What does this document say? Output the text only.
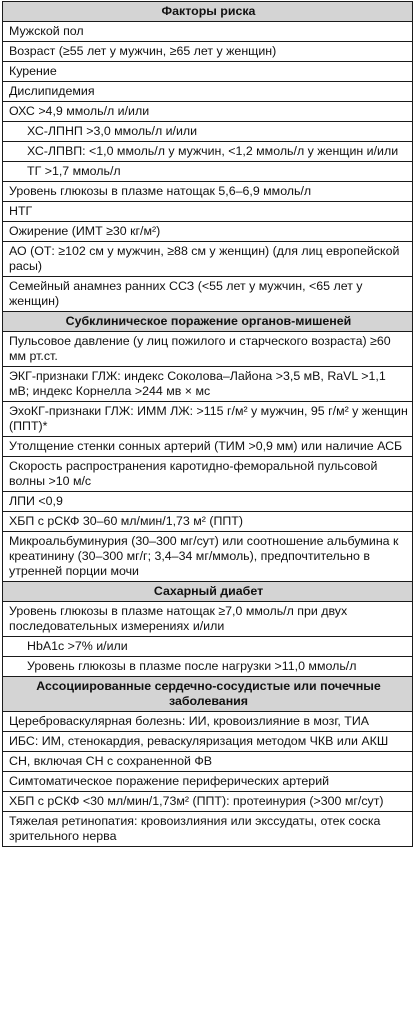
Факторы риска
Мужской пол
Возраст (≥55 лет у мужчин, ≥65 лет у женщин)
Курение
Дислипидемия
ОХС >4,9 ммоль/л и/или
ХС-ЛПНП >3,0 ммоль/л и/или
ХС-ЛПВП: <1,0 ммоль/л у мужчин, <1,2 ммоль/л у женщин и/или
ТГ >1,7 ммоль/л
Уровень глюкозы в плазме натощак 5,6–6,9 ммоль/л
НТГ
Ожирение (ИМТ ≥30 кг/м²)
АО (ОТ: ≥102 см у мужчин, ≥88 см у женщин) (для лиц европейской расы)
Семейный анамнез ранних ССЗ (<55 лет у мужчин, <65 лет у женщин)
Субклиническое поражение органов-мишеней
Пульсовое давление (у лиц пожилого и старческого возраста) ≥60 мм рт.ст.
ЭКГ-признаки ГЛЖ: индекс Соколова–Лайона >3,5 мВ, RaVL >1,1 мВ; индекс Корнелла >244 мв × мс
ЭхоКГ-признаки ГЛЖ: ИММ ЛЖ: >115 г/м² у мужчин, 95 г/м² у женщин (ППТ)*
Утолщение стенки сонных артерий (ТИМ >0,9 мм) или наличие АСБ
Скорость распространения каротидно-феморальной пульсовой волны >10 м/с
ЛПИ <0,9
ХБП с рСКФ 30–60 мл/мин/1,73 м² (ППТ)
Микроальбуминурия (30–300 мг/сут) или соотношение альбумина к креатинину (30–300 мг/г; 3,4–34 мг/ммоль), предпочтительно в утренней порции мочи
Сахарный диабет
Уровень глюкозы в плазме натощак ≥7,0 ммоль/л при двух последовательных измерениях и/или
HbA1c >7% и/или
Уровень глюкозы в плазме после нагрузки >11,0 ммоль/л
Ассоциированные сердечно-сосудистые или почечные заболевания
Цереброваскулярная болезнь: ИИ, кровоизлияние в мозг, ТИА
ИБС: ИМ, стенокардия, реваскуляризация методом ЧКВ или АКШ
СН, включая СН с сохраненной ФВ
Симтоматическое поражение периферических артерий
ХБП с рСКФ <30 мл/мин/1,73м² (ППТ): протеинурия (>300 мг/сут)
Тяжелая ретинопатия: кровоизлияния или экссудаты, отек соска зрительного нерва
